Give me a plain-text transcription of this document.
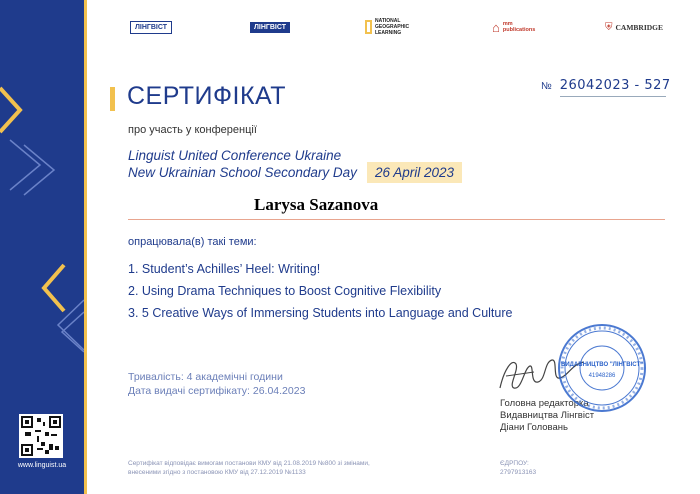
www.linguist.ua
ЛІНГВІСТ	ЛІНГВІСТ
NATIONAL GEOGRAPHIC LEARNING	⌂ mm publications	⛨ CAMBRIDGE
СЕРТИФІКАТ	№ 26042023 - 527
про участь у конференції
Linguist United Conference Ukraine
New Ukrainian School Secondary Day	26 April 2023
Larysa Sazanova
опрацювала(в) такі теми:
1. Student’s Achilles’ Heel: Writing!
2. Using Drama Techniques to Boost Cognitive Flexibility
3. 5 Creative Ways of Immersing Students into Language and Culture
Тривалість: 4 академічні години
Дата видачі сертифікату: 26.04.2023
Головна редакторка
Видавництва Лінгвіст
Діани Головань
ВИДАВНИЦТВО "ЛІНГВІСТ"
41948286
Сертифікат відповідає вимогам постанови КМУ від 21.08.2019 №800 зі змінами,
внесеними згідно з постановою КМУ від 27.12.2019 №1133
ЄДРПОУ:
2797913163
